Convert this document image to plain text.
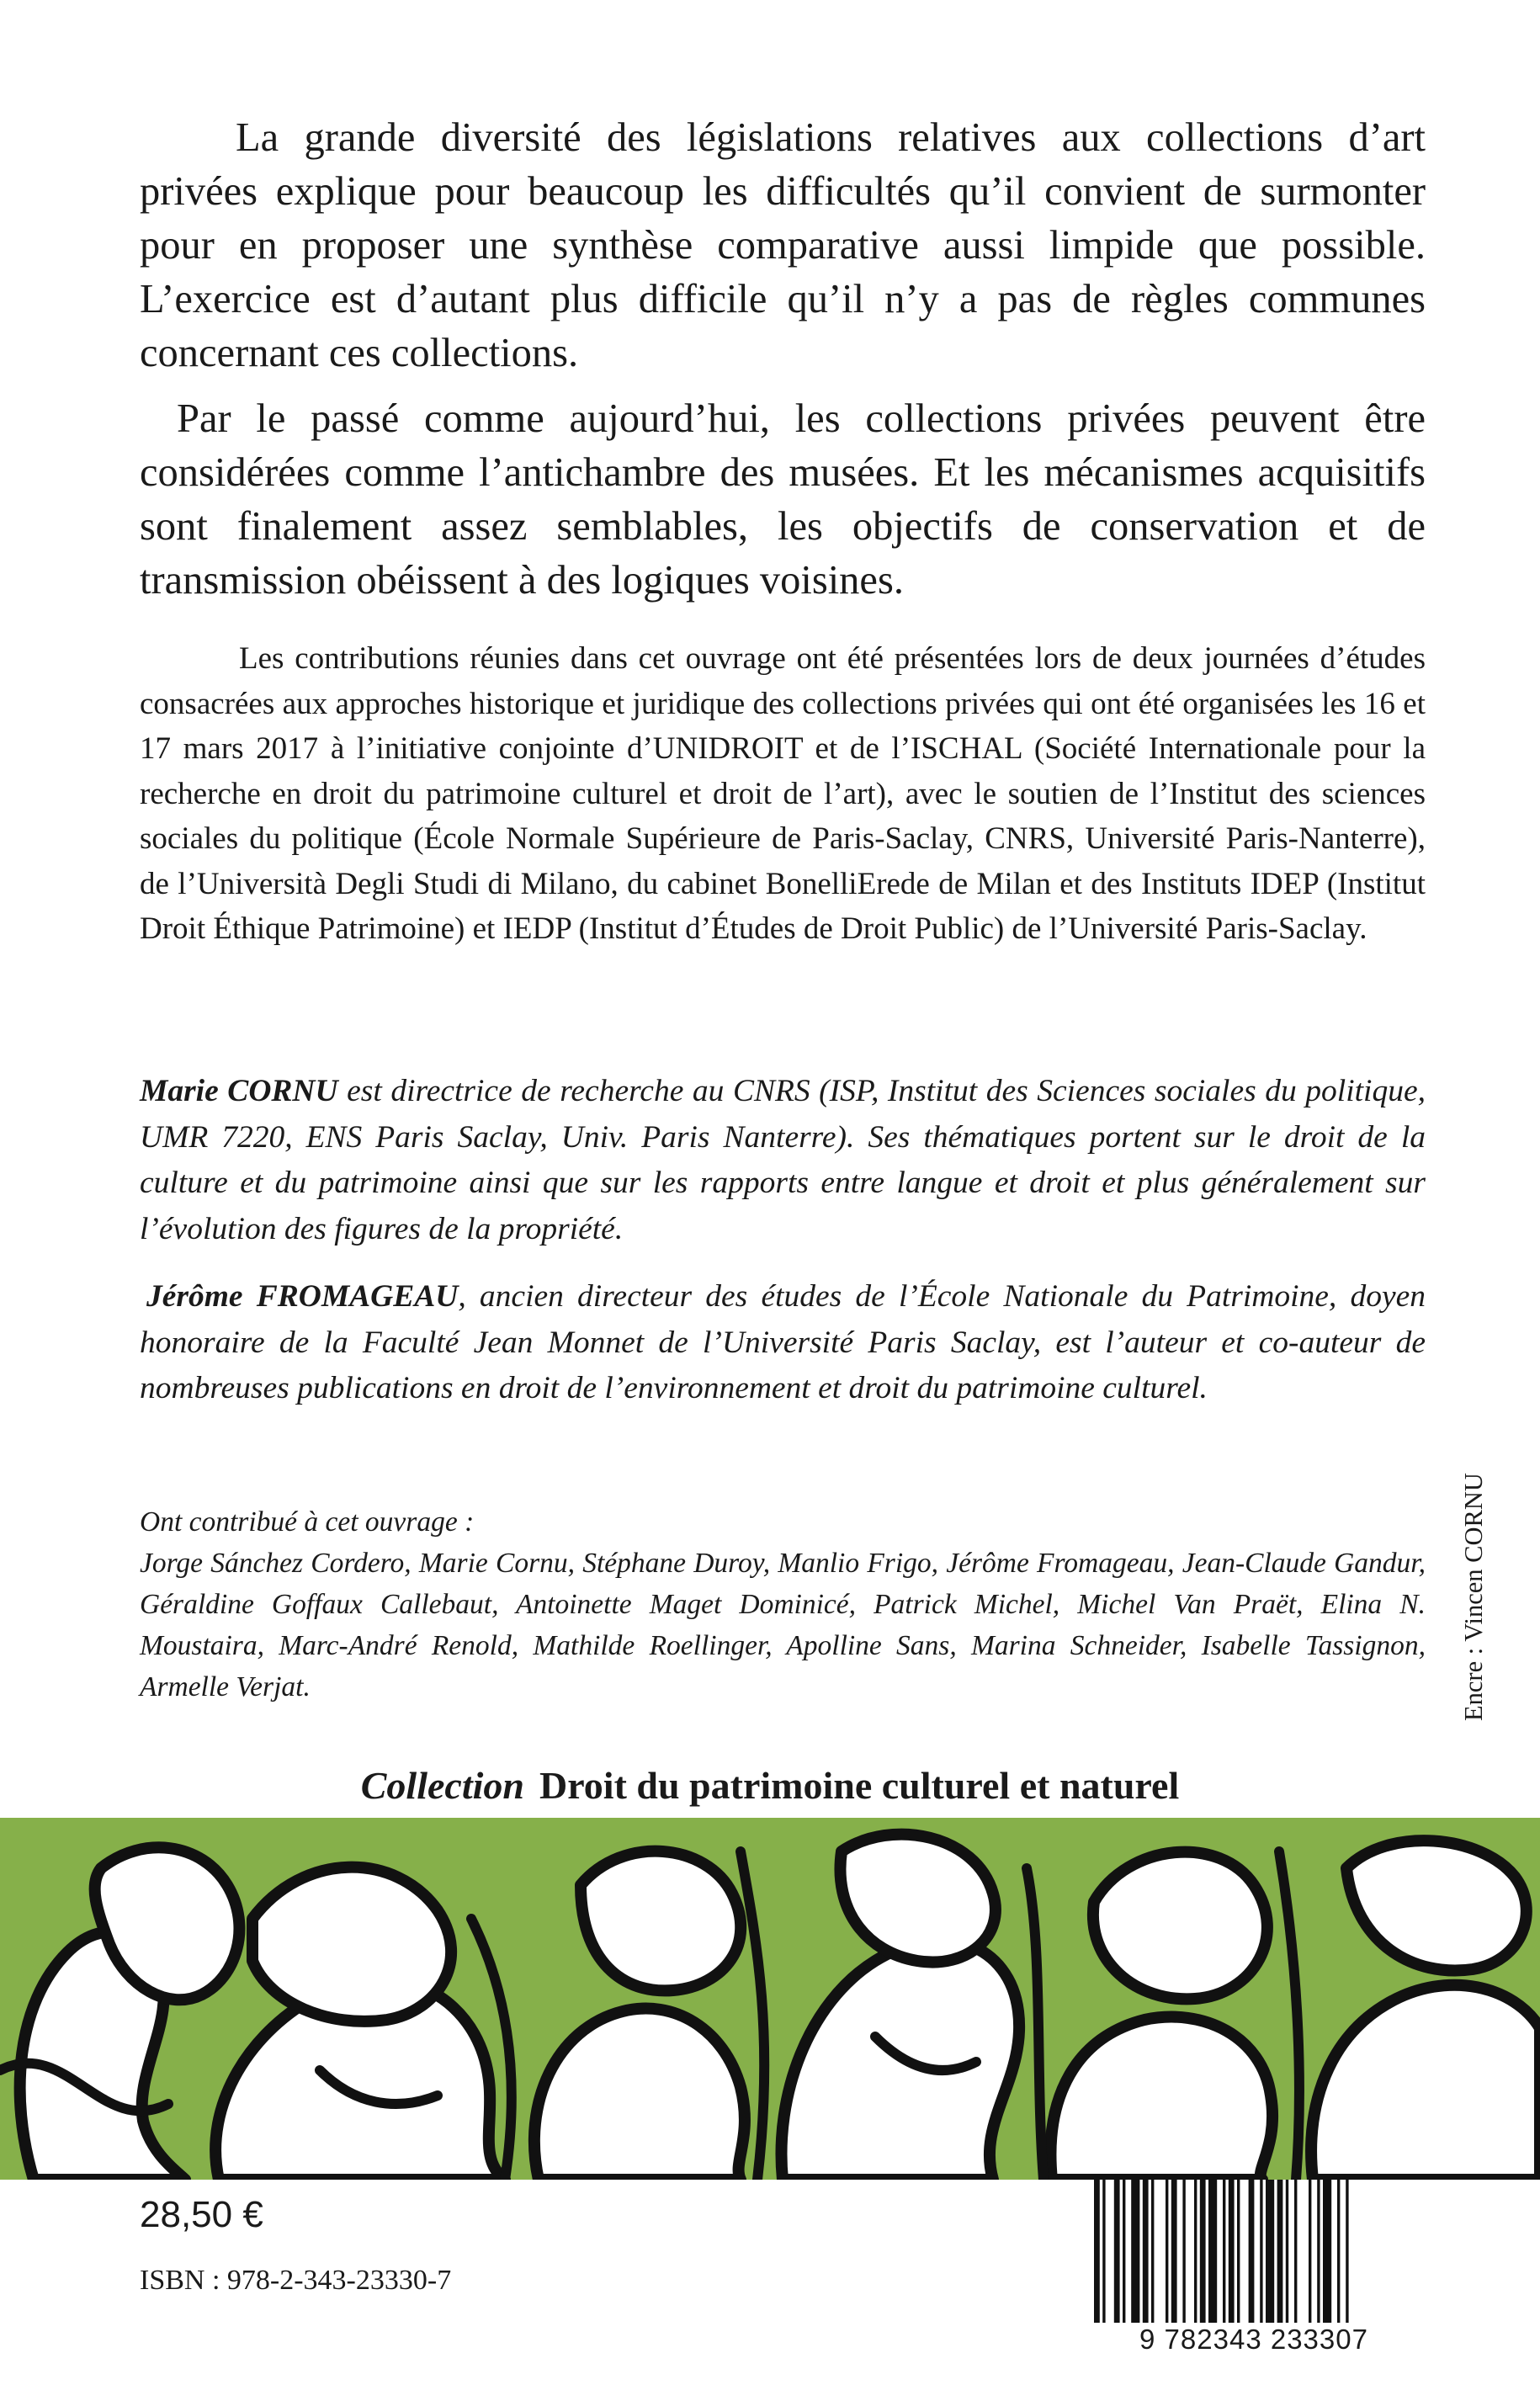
La grande diversité des législations relatives aux collections d’art privées explique pour beaucoup les difficultés qu’il convient de surmonter pour en proposer une synthèse comparative aussi limpide que possible. L’exercice est d’autant plus difficile qu’il n’y a pas de règles communes concernant ces collections.

Par le passé comme aujourd’hui, les collections privées peuvent être considérées comme l’antichambre des musées. Et les mécanismes acquisitifs sont finalement assez semblables, les objectifs de conservation et de transmission obéissent à des logiques voisines.

Les contributions réunies dans cet ouvrage ont été présentées lors de deux journées d’études consacrées aux approches historique et juridique des collections privées qui ont été organisées les 16 et 17 mars 2017 à l’initiative conjointe d’UNIDROIT et de l’ISCHAL (Société Internationale pour la recherche en droit du patrimoine culturel et droit de l’art), avec le soutien de l’Institut des sciences sociales du politique (École Normale Supérieure de Paris-Saclay, CNRS, Université Paris-Nanterre), de l’Università Degli Studi di Milano, du cabinet BonelliErede de Milan et des Instituts IDEP (Institut Droit Éthique Patrimoine) et IEDP (Institut d’Études de Droit Public) de l’Université Paris-Saclay.

Marie CORNU est directrice de recherche au CNRS (ISP, Institut des Sciences sociales du politique, UMR 7220, ENS Paris Saclay, Univ. Paris Nanterre). Ses thématiques portent sur le droit de la culture et du patrimoine ainsi que sur les rapports entre langue et droit et plus généralement sur l’évolution des figures de la propriété.

Jérôme FROMAGEAU, ancien directeur des études de l’École Nationale du Patrimoine, doyen honoraire de la Faculté Jean Monnet de l’Université Paris Saclay, est l’auteur et co-auteur de nombreuses publications en droit de l’environnement et droit du patrimoine culturel.

Ont contribué à cet ouvrage :

Jorge Sánchez Cordero, Marie Cornu, Stéphane Duroy, Manlio Frigo, Jérôme Fromageau, Jean-Claude Gandur, Géraldine Goffaux Callebaut, Antoinette Maget Dominicé, Patrick Michel, Michel Van Praët, Elina N. Moustaira, Marc-André Renold, Mathilde Roellinger, Apolline Sans, Marina Schneider, Isabelle Tassignon, Armelle Verjat.	Encre : Vincen CORNU
Collection Droit du patrimoine culturel et naturel
28,50 €
ISBN : 978-2-343-23330-7
9 782343 233307
